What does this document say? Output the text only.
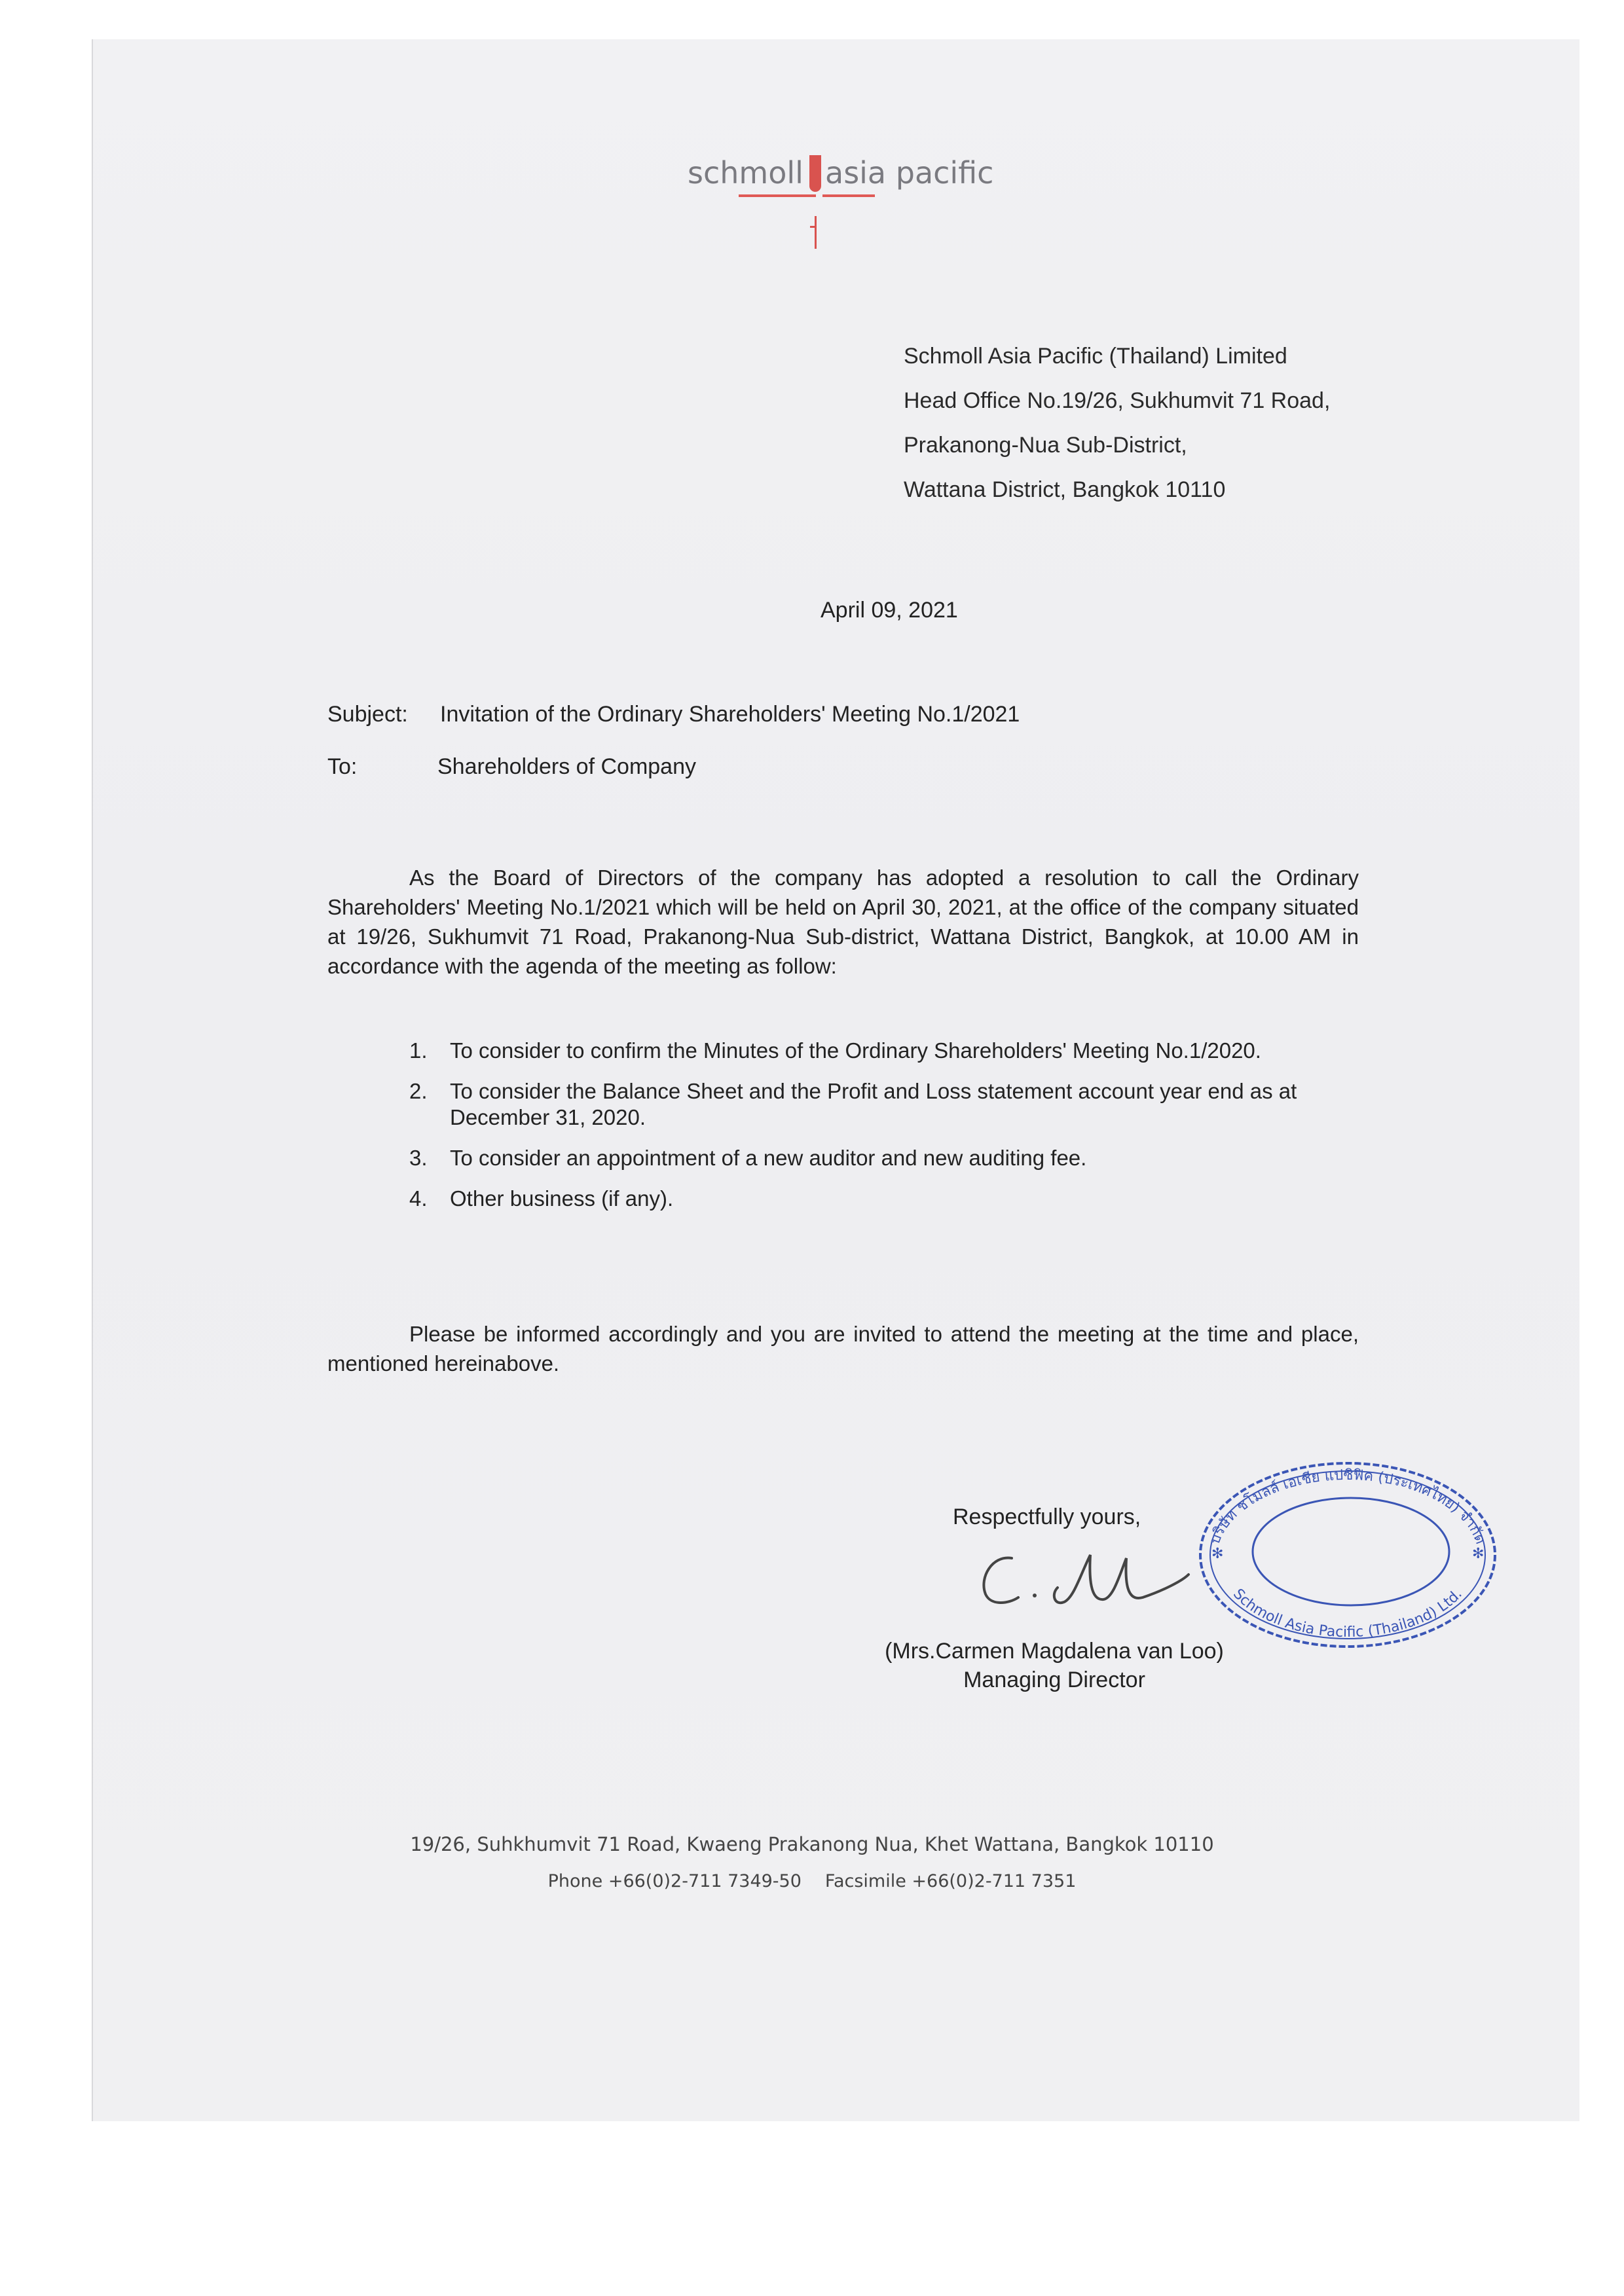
schmoll asia pacific
Schmoll Asia Pacific (Thailand) Limited
Head Office No.19/26, Sukhumvit 71 Road,
Prakanong-Nua Sub-District,
Wattana District, Bangkok 10110
April 09, 2021
Subject: Invitation of the Ordinary Shareholders' Meeting No.1/2021
To:	Shareholders of Company
As the Board of Directors of the company has adopted a resolution to call the Ordinary Shareholders' Meeting No.1/2021 which will be held on April 30, 2021, at the office of the company situated at 19/26, Sukhumvit 71 Road, Prakanong-Nua Sub-district, Wattana District, Bangkok, at 10.00 AM in accordance with the agenda of the meeting as follow:
1. To consider to confirm the Minutes of the Ordinary Shareholders' Meeting No.1/2020.
2. To consider the Balance Sheet and the Profit and Loss statement account year end as at December 31, 2020.
3. To consider an appointment of a new auditor and new auditing fee.
4. Other business (if any).
Please be informed accordingly and you are invited to attend the meeting at the time and place, mentioned hereinabove.
Respectfully yours,
(Mrs.Carmen Magdalena van Loo)
Managing Director
บริษัท ชโมลล์ เอเชีย แปซิฟิค (ประเทศไทย) จำกัด
Schmoll Asia Pacific (Thailand) Ltd.
✻	✻
19/26, Suhkhumvit 71 Road, Kwaeng Prakanong Nua, Khet Wattana, Bangkok 10110
Phone +66(0)2-711 7349-50 Facsimile +66(0)2-711 7351
